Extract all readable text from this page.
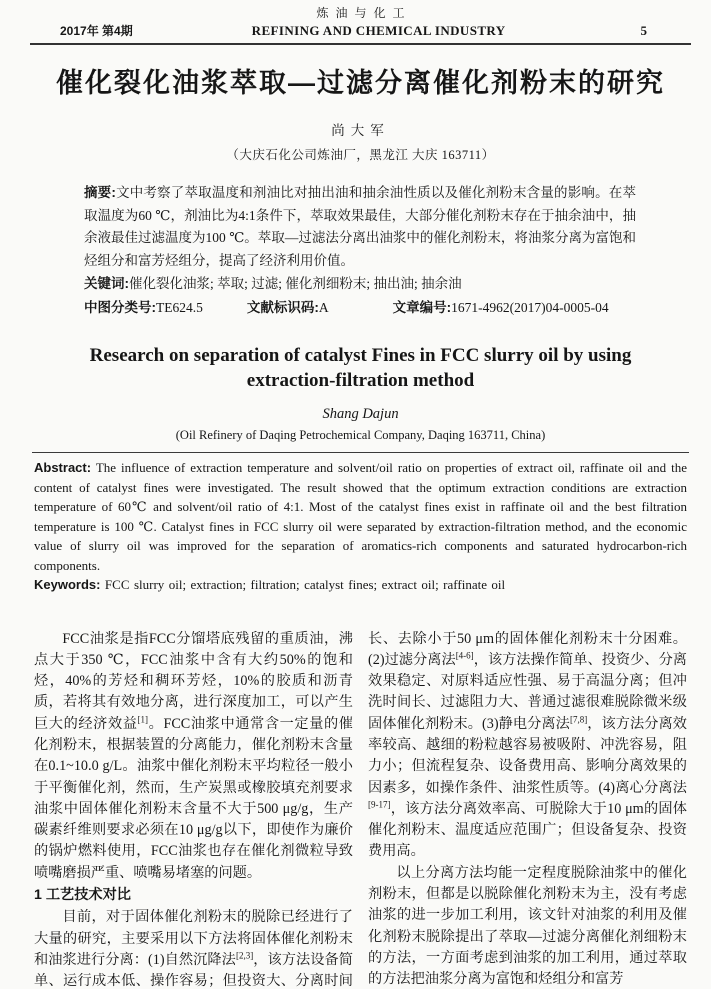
炼油与化工
2017年 第4期	REFINING AND CHEMICAL INDUSTRY	5
催化裂化油浆萃取—过滤分离催化剂粉末的研究
尚大军
（大庆石化公司炼油厂，黑龙江 大庆 163711）

摘要:文中考察了萃取温度和剂油比对抽出油和抽余油性质以及催化剂粉末含量的影响。在萃取温度为60 ℃，剂油比为4:1条件下，萃取效果最佳，大部分催化剂粉末存在于抽余油中，抽余液最佳过滤温度为100 ℃。萃取—过滤法分离出油浆中的催化剂粉末，将油浆分离为富饱和烃组分和富芳烃组分，提高了经济利用价值。

关键词:催化裂化油浆; 萃取; 过滤; 催化剂细粉末; 抽出油; 抽余油

中图分类号:TE624.5	文献标识码:A	文章编号:1671-4962(2017)04-0005-04
Research on separation of catalyst Fines in FCC slurry oil by using extraction-filtration method
Shang Dajun
(Oil Refinery of Daqing Petrochemical Company, Daqing 163711, China)

Abstract: The influence of extraction temperature and solvent/oil ratio on properties of extract oil, raffinate oil and the content of catalyst fines were investigated. The result showed that the optimum extraction conditions are extraction temperature of 60℃ and solvent/oil ratio of 4:1. Most of the catalyst fines exist in raffinate oil and the best filtration temperature is 100 ℃. Catalyst fines in FCC slurry oil were separated by extraction-filtration method, and the economic value of slurry oil was improved for the separation of aromatics-rich components and saturated hydrocarbon-rich components.

Keywords: FCC slurry oil; extraction; filtration; catalyst fines; extract oil; raffinate oil

FCC油浆是指FCC分馏塔底残留的重质油，沸点大于350 ℃，FCC油浆中含有大约50%的饱和烃，40%的芳烃和稠环芳烃，10%的胶质和沥青质，若将其有效地分离，进行深度加工，可以产生巨大的经济效益[1]。FCC油浆中通常含一定量的催化剂粉末，根据装置的分离能力，催化剂粉末含量在0.1~10.0 g/L。油浆中催化剂粉末平均粒径一般小于平衡催化剂，然而，生产炭黑或橡胶填充剂要求油浆中固体催化剂粉末含量不大于500 μg/g，生产碳素纤维则要求必须在10 μg/g以下，即使作为廉价的锅炉燃料使用，FCC油浆也存在催化剂微粒导致喷嘴磨损严重、喷嘴易堵塞的问题。

1 工艺技术对比

目前，对于固体催化剂粉末的脱除已经进行了大量的研究，主要采用以下方法将固体催化剂粉末和油浆进行分离：(1)自然沉降法[2,3]，该方法设备简单、运行成本低、操作容易；但投资大、分离时间长、去除小于50 μm的固体催化剂粉末十分困难。(2)过滤分离法[4-6]，该方法操作简单、投资少、分离效果稳定、对原料适应性强、易于高温分离；但冲洗时间长、过滤阻力大、普通过滤很难脱除微米级固体催化剂粉末。(3)静电分离法[7,8]，该方法分离效率较高、越细的粉粒越容易被吸附、冲洗容易，阻力小；但流程复杂、设备费用高、影响分离效果的因素多，如操作条件、油浆性质等。(4)离心分离法[9-17]，该方法分离效率高、可脱除大于10 μm的固体催化剂粉末、温度适应范围广；但设备复杂、投资费用高。

以上分离方法均能一定程度脱除油浆中的催化剂粉末，但都是以脱除催化剂粉末为主，没有考虑油浆的进一步加工利用，该文针对油浆的利用及催化剂粉末脱除提出了萃取—过滤分离催化剂细粉末的方法，一方面考虑到油浆的加工利用，通过萃取的方法把油浆分离为富饱和烃组分和富芳
